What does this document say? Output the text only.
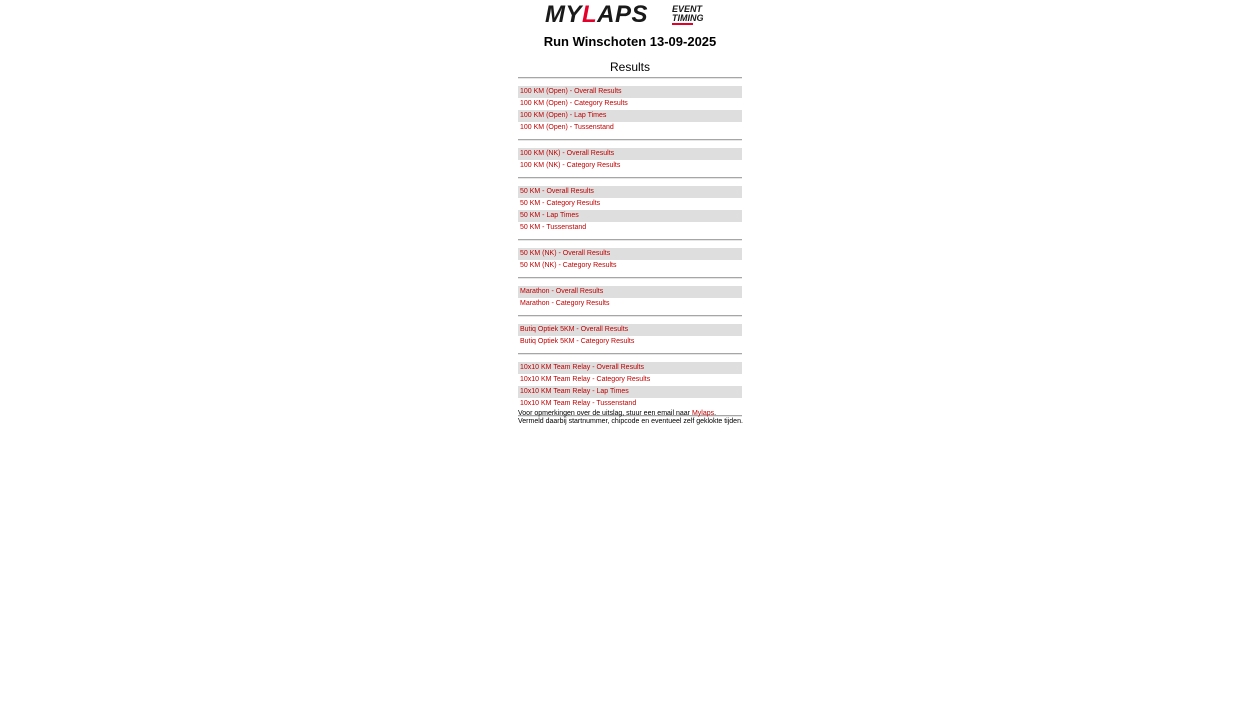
MYLAPS	EVENT
TIMING
Run Winschoten 13-09-2025
Results
100 KM (Open) - Overall Results
100 KM (Open) - Category Results
100 KM (Open) - Lap Times
100 KM (Open) - Tussenstand
100 KM (NK) - Overall Results
100 KM (NK) - Category Results
50 KM - Overall Results
50 KM - Category Results
50 KM - Lap Times
50 KM - Tussenstand
50 KM (NK) - Overall Results
50 KM (NK) - Category Results
Marathon - Overall Results
Marathon - Category Results
Butiq Optiek 5KM - Overall Results
Butiq Optiek 5KM - Category Results
10x10 KM Team Relay - Overall Results
10x10 KM Team Relay - Category Results
10x10 KM Team Relay - Lap Times
10x10 KM Team Relay - Tussenstand
Voor opmerkingen over de uitslag, stuur een email naar Mylaps.
Vermeld daarbij startnummer, chipcode en eventueel zelf geklokte tijden.
